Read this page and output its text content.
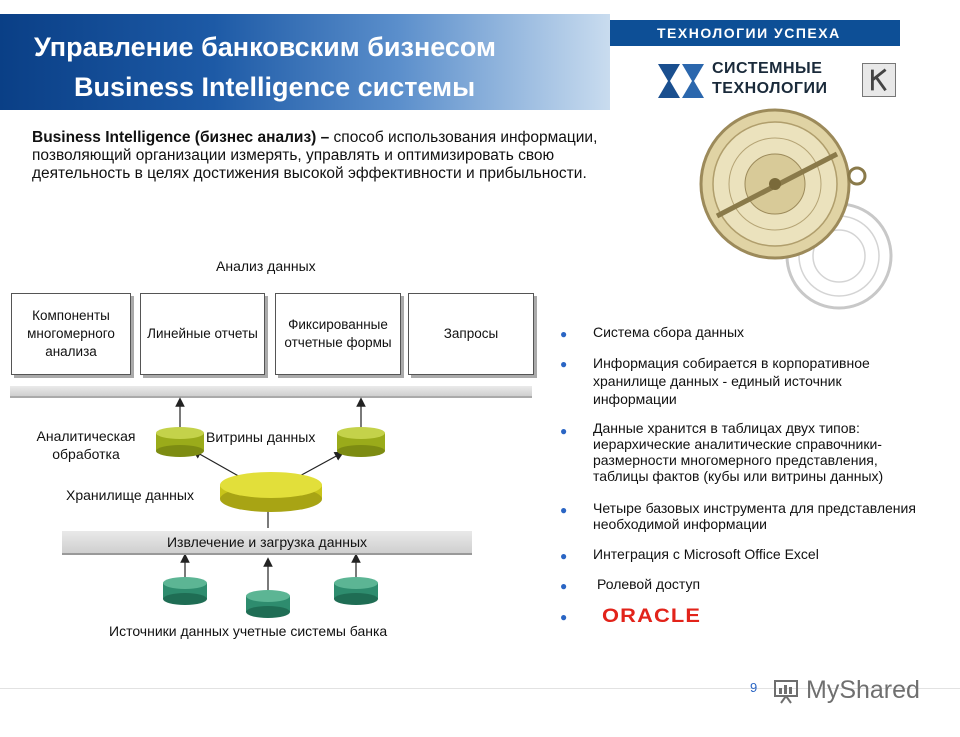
Управление банковским бизнесом
Business Intelligence системы
ТЕХНОЛОГИИ УСПЕХА
СИСТЕМНЫЕ
ТЕХНОЛОГИИ
Business Intelligence (бизнес анализ) – способ использования информации, позволяющий организации измерять, управлять и оптимизировать свою деятельность в целях достижения высокой эффективности и прибыльности.
Анализ данных
Компоненты многомерного анализа
Линейные отчеты
Фиксированные отчетные формы
Запросы
Извлечение и загрузка данных
Аналитическая обработка
Витрины данных
Хранилище данных
Источники данных учетные системы банка
● Система сбора данных
● Информация собирается в корпоративное хранилище данных - единый источник информации
● Данные хранится в таблицах двух типов: иерархические аналитические справочники-размерности многомерного представления, таблицы фактов (кубы или витрины данных)
● Четыре базовых инструмента для представления необходимой информации
● Интеграция с Microsoft Office Excel
● Ролевой доступ
● ORACLE
9 MyShared
